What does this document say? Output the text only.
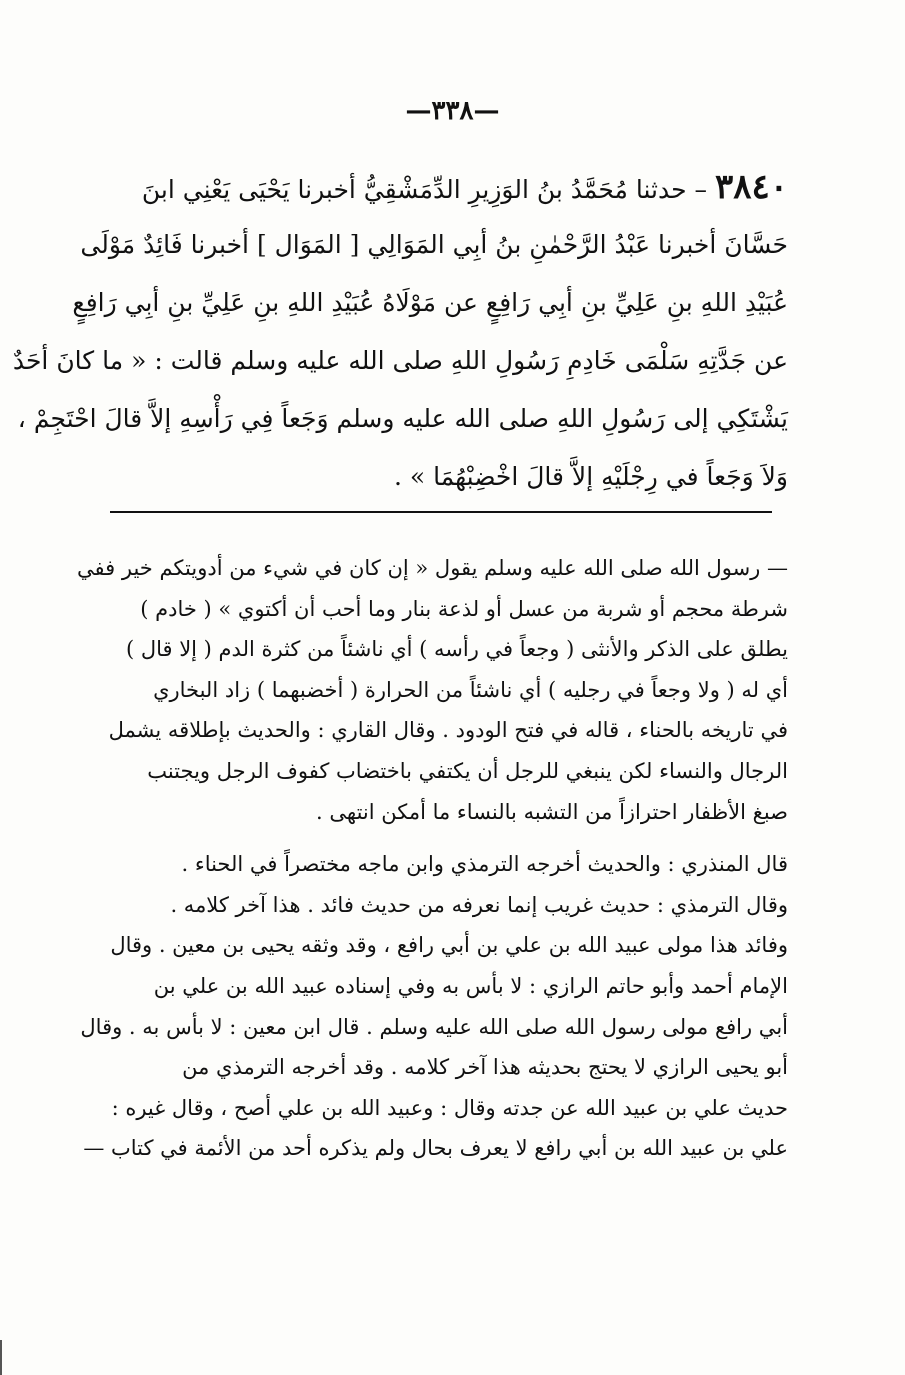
—٣٣٨—
٣٨٤٠ – حدثنا مُحَمَّدُ بنُ الوَزِيرِ الدِّمَشْقِيُّ أخبرنا يَحْيَى يَعْنِي ابنَ
حَسَّانَ أخبرنا عَبْدُ الرَّحْمٰنِ بنُ أبِي المَوَالِي [ المَوَال ] أخبرنا فَائِدٌ مَوْلَى
عُبَيْدِ اللهِ بنِ عَلِيِّ بنِ أبِي رَافِعٍ عن مَوْلَاهُ عُبَيْدِ اللهِ بنِ عَلِيِّ بنِ أبِي رَافِعٍ
عن جَدَّتِهِ سَلْمَى خَادِمِ رَسُولِ اللهِ صلى الله عليه وسلم قالت : « ما كانَ أحَدٌ
يَشْتَكِي إلى رَسُولِ اللهِ صلى الله عليه وسلم وَجَعاً فِي رَأْسِهِ إلاَّ قالَ احْتَجِمْ ،
وَلاَ وَجَعاً في رِجْلَيْهِ إلاَّ قالَ اخْضِبْهُمَا » .
— رسول الله صلى الله عليه وسلم يقول « إن كان في شيء من أدويتكم خير ففي
شرطة محجم أو شربة من عسل أو لذعة بنار وما أحب أن أكتوي » ( خادم )
يطلق على الذكر والأنثى ( وجعاً في رأسه ) أي ناشئاً من كثرة الدم ( إلا قال )
أي له ( ولا وجعاً في رجليه ) أي ناشئاً من الحرارة ( أخضبهما ) زاد البخاري
في تاريخه بالحناء ، قاله في فتح الودود . وقال القاري : والحديث بإطلاقه يشمل
الرجال والنساء لكن ينبغي للرجل أن يكتفي باختضاب كفوف الرجل ويجتنب
صبغ الأظفار احترازاً من التشبه بالنساء ما أمكن انتهى .
قال المنذري : والحديث أخرجه الترمذي وابن ماجه مختصراً في الحناء .
وقال الترمذي : حديث غريب إنما نعرفه من حديث فائد . هذا آخر كلامه .
وفائد هذا مولى عبيد الله بن علي بن أبي رافع ، وقد وثقه يحيى بن معين . وقال
الإمام أحمد وأبو حاتم الرازي : لا بأس به وفي إسناده عبيد الله بن علي بن
أبي رافع مولى رسول الله صلى الله عليه وسلم . قال ابن معين : لا بأس به . وقال
أبو يحيى الرازي لا يحتج بحديثه هذا آخر كلامه . وقد أخرجه الترمذي من
حديث علي بن عبيد الله عن جدته وقال : وعبيد الله بن علي أصح ، وقال غيره :
علي بن عبيد الله بن أبي رافع لا يعرف بحال ولم يذكره أحد من الأئمة في كتاب —
